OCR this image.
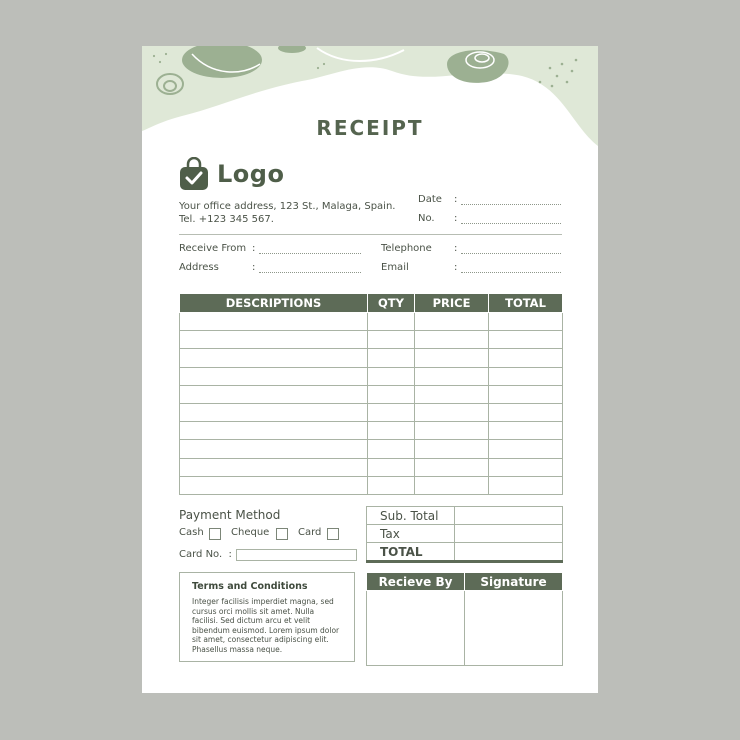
RECEIPT
Logo
Your office address, 123 St., Malaga, Spain.
Tel. +123 345 567.
Date :
No. :
Receive From :	Telephone :
Address	:	Email	:
DESCRIPTIONS	QTY	PRICE	TOTAL

Payment Method
Cash	Cheque	Card
Card No.  :
Sub. Total	
Tax	
TOTAL	
Terms and Conditions
Integer facilisis imperdiet magna, sed cursus orci mollis sit amet. Nulla facilisi. Sed dictum arcu et velit bibendum euismod. Lorem ipsum dolor sit amet, consectetur adipiscing elit. Phasellus massa neque.
Recieve By	Signature
